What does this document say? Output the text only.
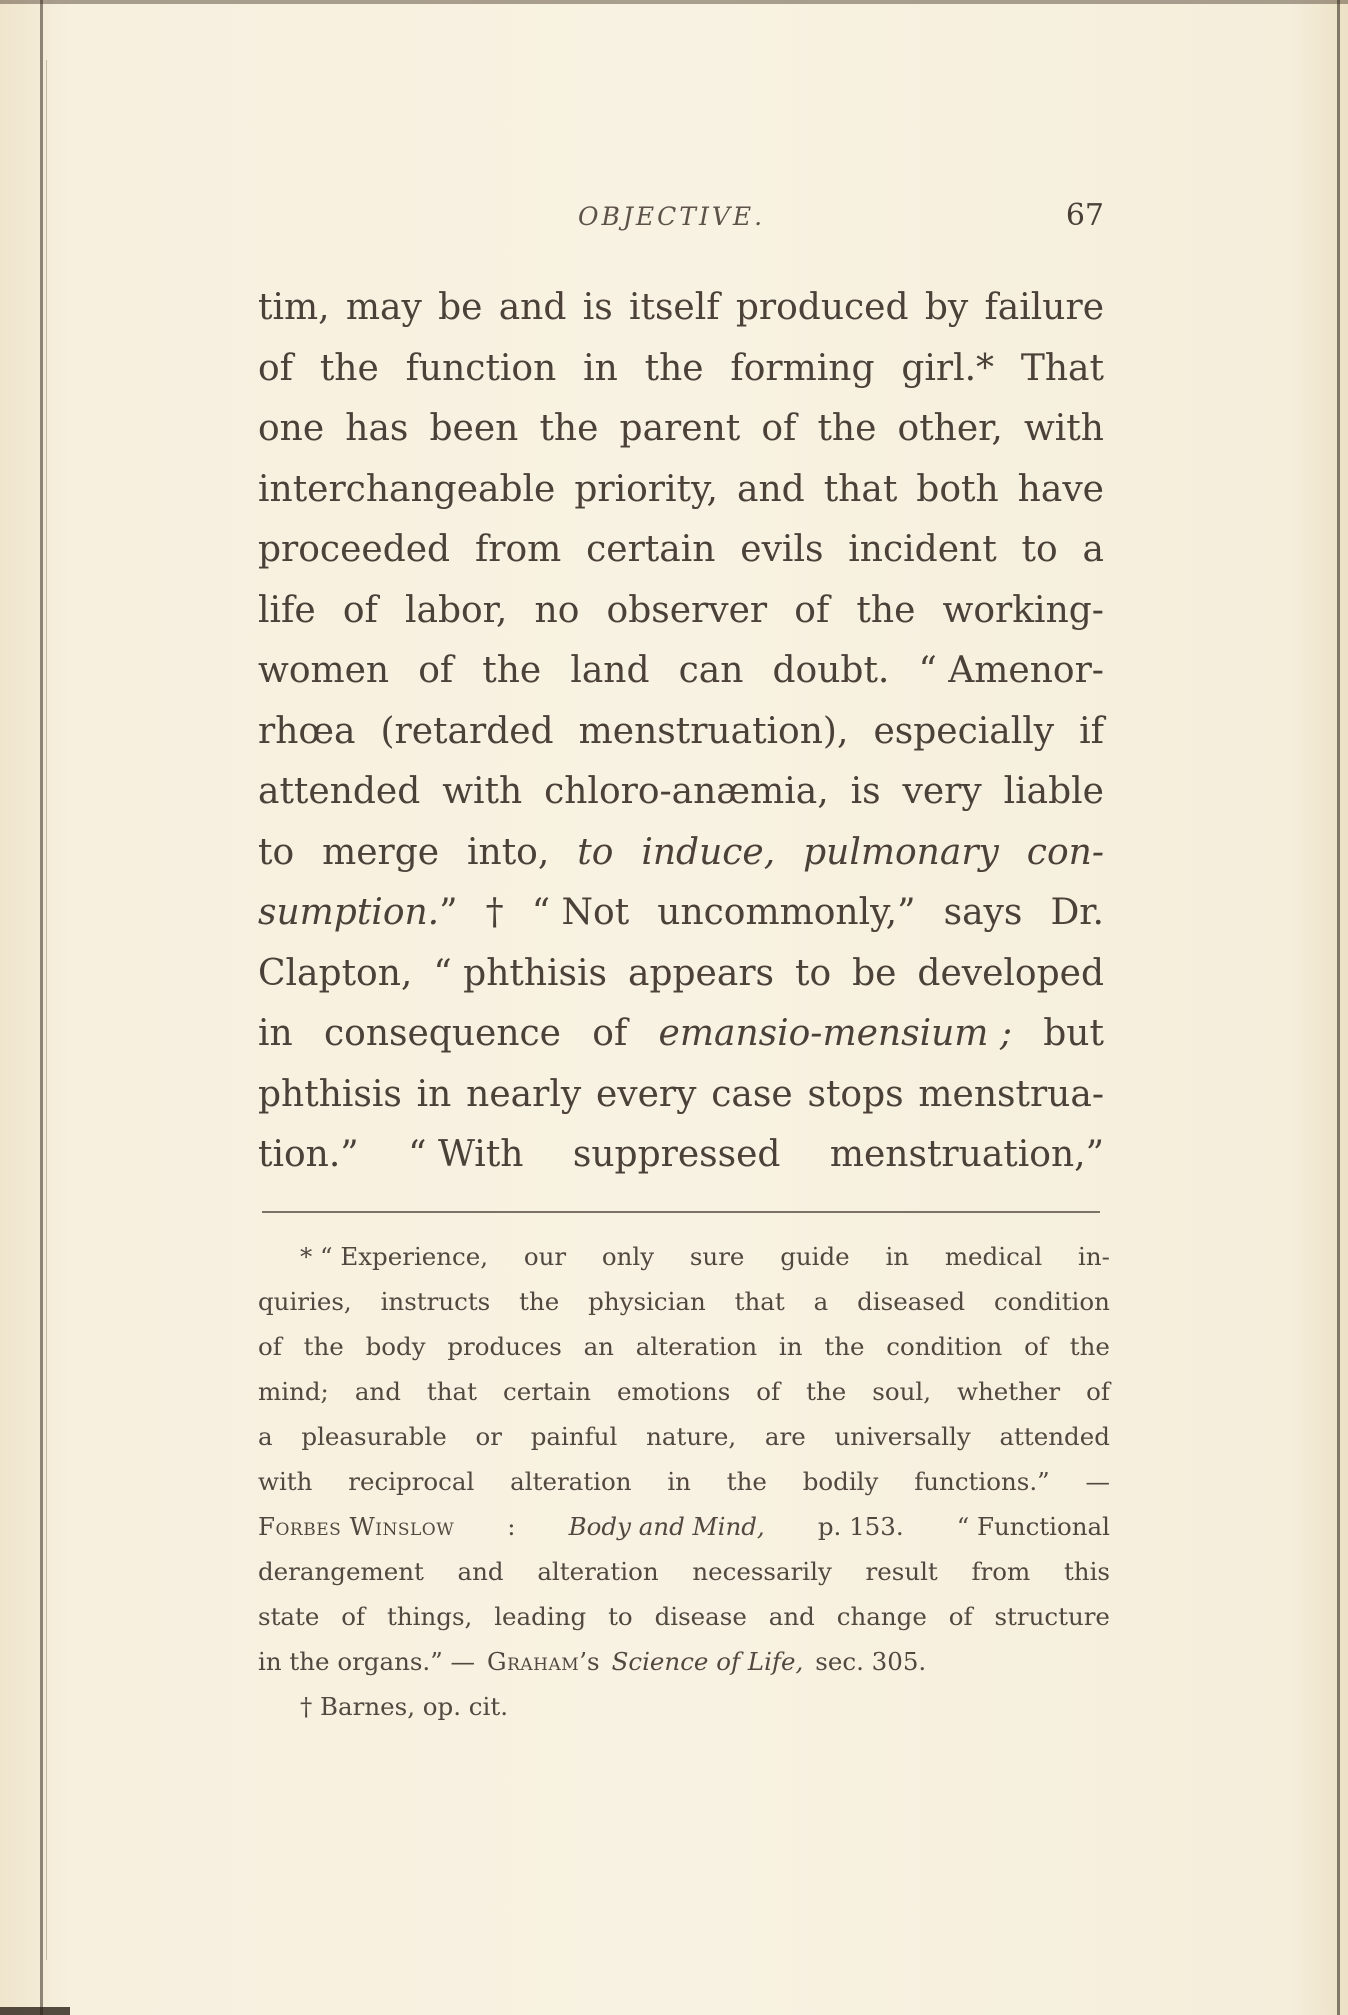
OBJECTIVE.	67
tim, may be and is itself produced by failure
of the function in the forming girl.* That
one has been the parent of the other, with
interchangeable priority, and that both have
proceeded from certain evils incident to a
life of labor, no observer of the working-
women of the land can doubt. “ Amenor-
rhœa (retarded menstruation), especially if
attended with chloro-anæmia, is very liable
to merge into, to induce, pulmonary con-
sumption.” † “ Not uncommonly,” says Dr.
Clapton, “ phthisis appears to be developed
in consequence of emansio-mensium ; but
phthisis in nearly every case stops menstrua-
tion.” “ With suppressed menstruation,”
* “ Experience, our only sure guide in medical in-
quiries, instructs the physician that a diseased condition
of the body produces an alteration in the condition of the
mind; and that certain emotions of the soul, whether of
a pleasurable or painful nature, are universally attended
with reciprocal alteration in the bodily functions.” —
Forbes Winslow : Body and Mind, p. 153. “ Functional
derangement and alteration necessarily result from this
state of things, leading to disease and change of structure
in the organs.” — Graham’s Science of Life, sec. 305.
† Barnes, op. cit.
